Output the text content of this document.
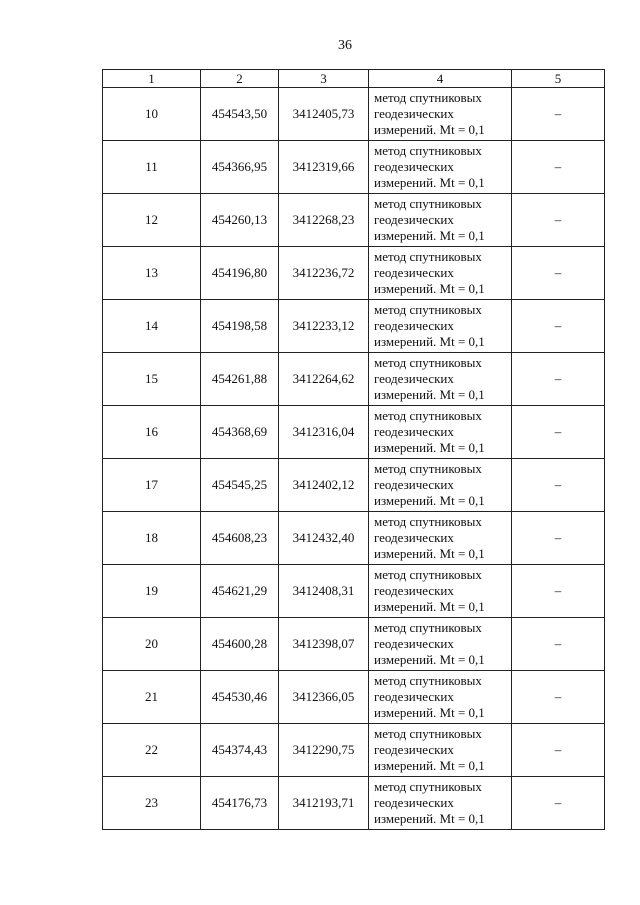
36
1	2	3	4	5
10	454543,50	3412405,73	метод спутниковых
геодезических
измерений. Mt = 0,1	–
11	454366,95	3412319,66	метод спутниковых
геодезических
измерений. Mt = 0,1	–
12	454260,13	3412268,23	метод спутниковых
геодезических
измерений. Mt = 0,1	–
13	454196,80	3412236,72	метод спутниковых
геодезических
измерений. Mt = 0,1	–
14	454198,58	3412233,12	метод спутниковых
геодезических
измерений. Mt = 0,1	–
15	454261,88	3412264,62	метод спутниковых
геодезических
измерений. Mt = 0,1	–
16	454368,69	3412316,04	метод спутниковых
геодезических
измерений. Mt = 0,1	–
17	454545,25	3412402,12	метод спутниковых
геодезических
измерений. Mt = 0,1	–
18	454608,23	3412432,40	метод спутниковых
геодезических
измерений. Mt = 0,1	–
19	454621,29	3412408,31	метод спутниковых
геодезических
измерений. Mt = 0,1	–
20	454600,28	3412398,07	метод спутниковых
геодезических
измерений. Mt = 0,1	–
21	454530,46	3412366,05	метод спутниковых
геодезических
измерений. Mt = 0,1	–
22	454374,43	3412290,75	метод спутниковых
геодезических
измерений. Mt = 0,1	–
23	454176,73	3412193,71	метод спутниковых
геодезических
измерений. Mt = 0,1	–
